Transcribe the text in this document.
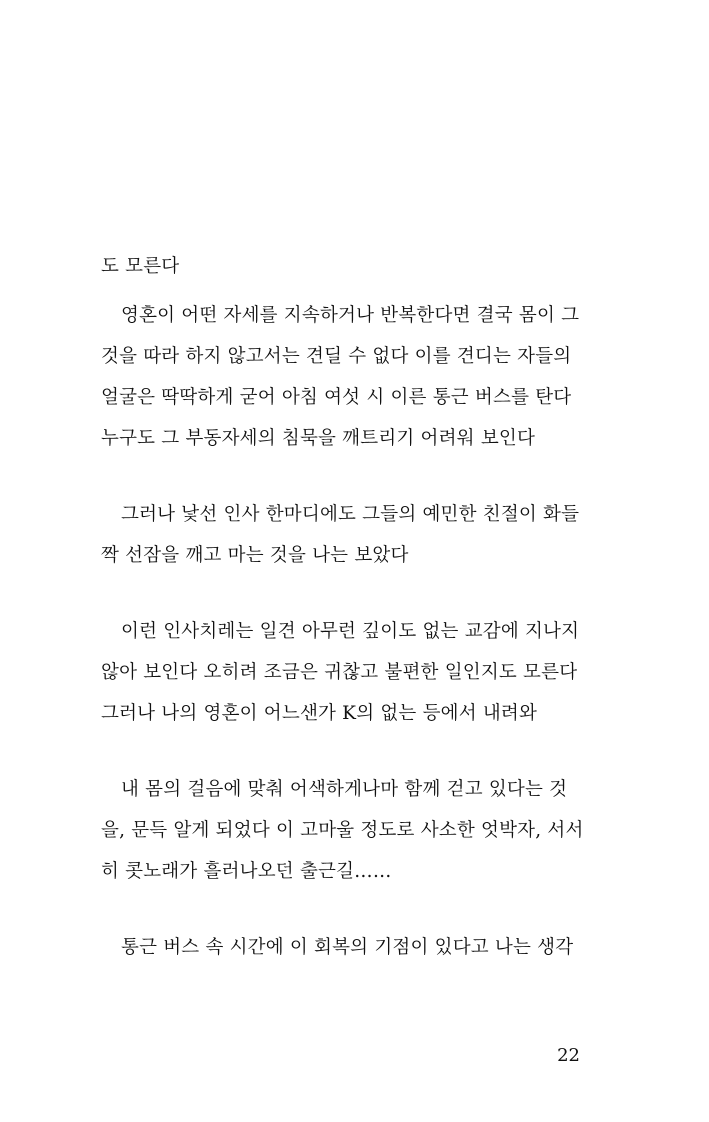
도 모른다
영혼이 어떤 자세를 지속하거나 반복한다면 결국 몸이 그
것을 따라 하지 않고서는 견딜 수 없다 이를 견디는 자들의
얼굴은 딱딱하게 굳어 아침 여섯 시 이른 통근 버스를 탄다
누구도 그 부동자세의 침묵을 깨트리기 어려워 보인다
그러나 낯선 인사 한마디에도 그들의 예민한 친절이 화들
짝 선잠을 깨고 마는 것을 나는 보았다
이런 인사치레는 일견 아무런 깊이도 없는 교감에 지나지
않아 보인다 오히려 조금은 귀찮고 불편한 일인지도 모른다
그러나 나의 영혼이 어느샌가 K의 없는 등에서 내려와
내 몸의 걸음에 맞춰 어색하게나마 함께 걷고 있다는 것
을, 문득 알게 되었다 이 고마울 정도로 사소한 엇박자, 서서
히 콧노래가 흘러나오던 출근길……
통근 버스 속 시간에 이 회복의 기점이 있다고 나는 생각
22
